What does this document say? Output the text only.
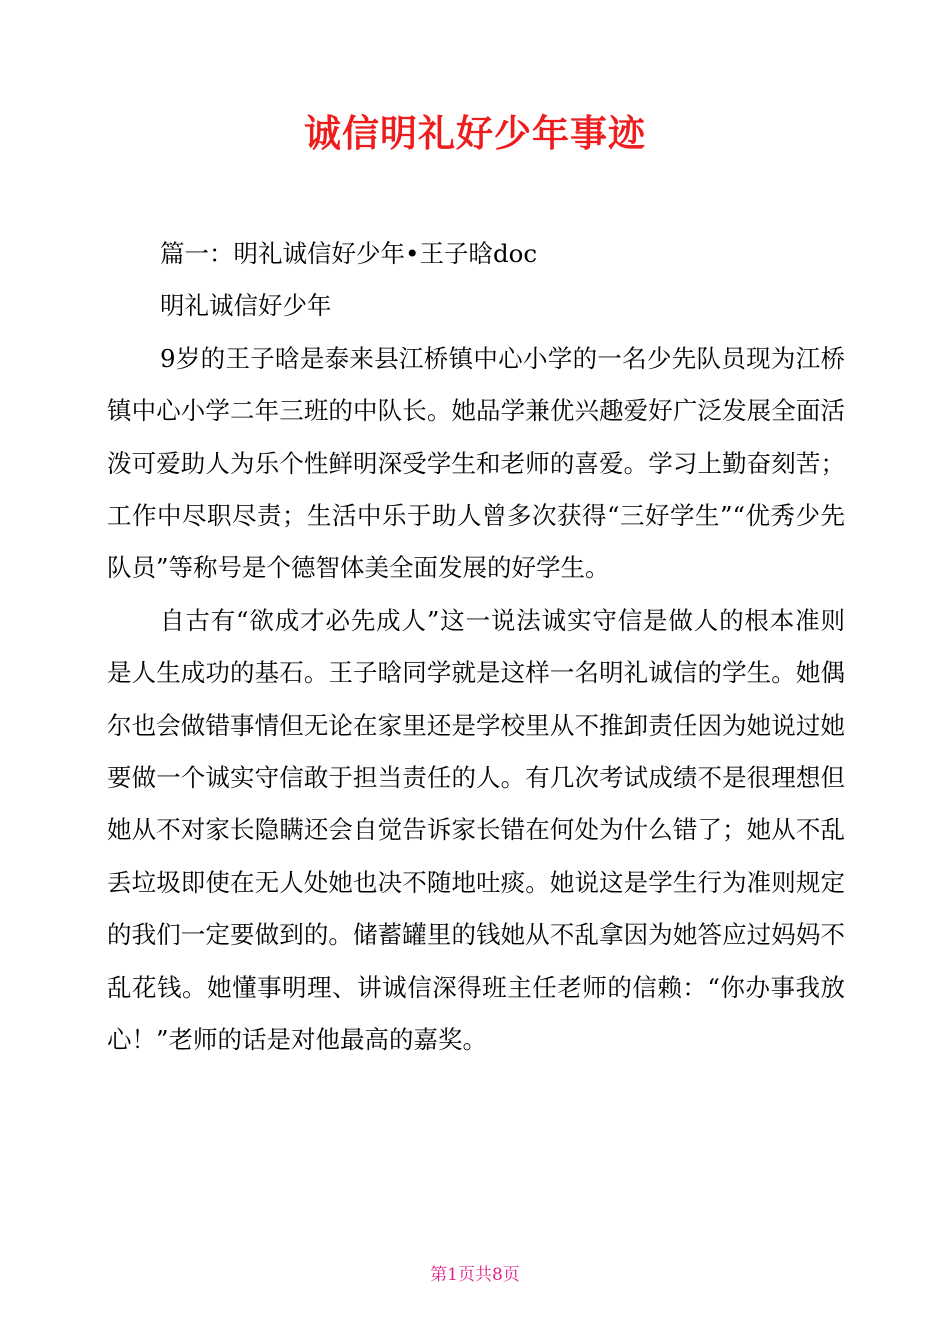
诚信明礼好少年事迹

篇一：明礼诚信好少年•王子晗doc

明礼诚信好少年

9岁的王子晗是泰来县江桥镇中心小学的一名少先队员现为江桥镇中心小学二年三班的中队长。她品学兼优兴趣爱好广泛发展全面活泼可爱助人为乐个性鲜明深受学生和老师的喜爱。学习上勤奋刻苦；工作中尽职尽责；生活中乐于助人曾多次获得“三好学生”“优秀少先队员”等称号是个德智体美全面发展的好学生。

自古有“欲成才必先成人”这一说法诚实守信是做人的根本准则是人生成功的基石。王子晗同学就是这样一名明礼诚信的学生。她偶尔也会做错事情但无论在家里还是学校里从不推卸责任因为她说过她要做一个诚实守信敢于担当责任的人。有几次考试成绩不是很理想但她从不对家长隐瞒还会自觉告诉家长错在何处为什么错了；她从不乱丢垃圾即使在无人处她也决不随地吐痰。她说这是学生行为准则规定的我们一定要做到的。储蓄罐里的钱她从不乱拿因为她答应过妈妈不乱花钱。她懂事明理、讲诚信深得班主任老师的信赖：“你办事我放心！”老师的话是对他最高的嘉奖。

第1页共8页
